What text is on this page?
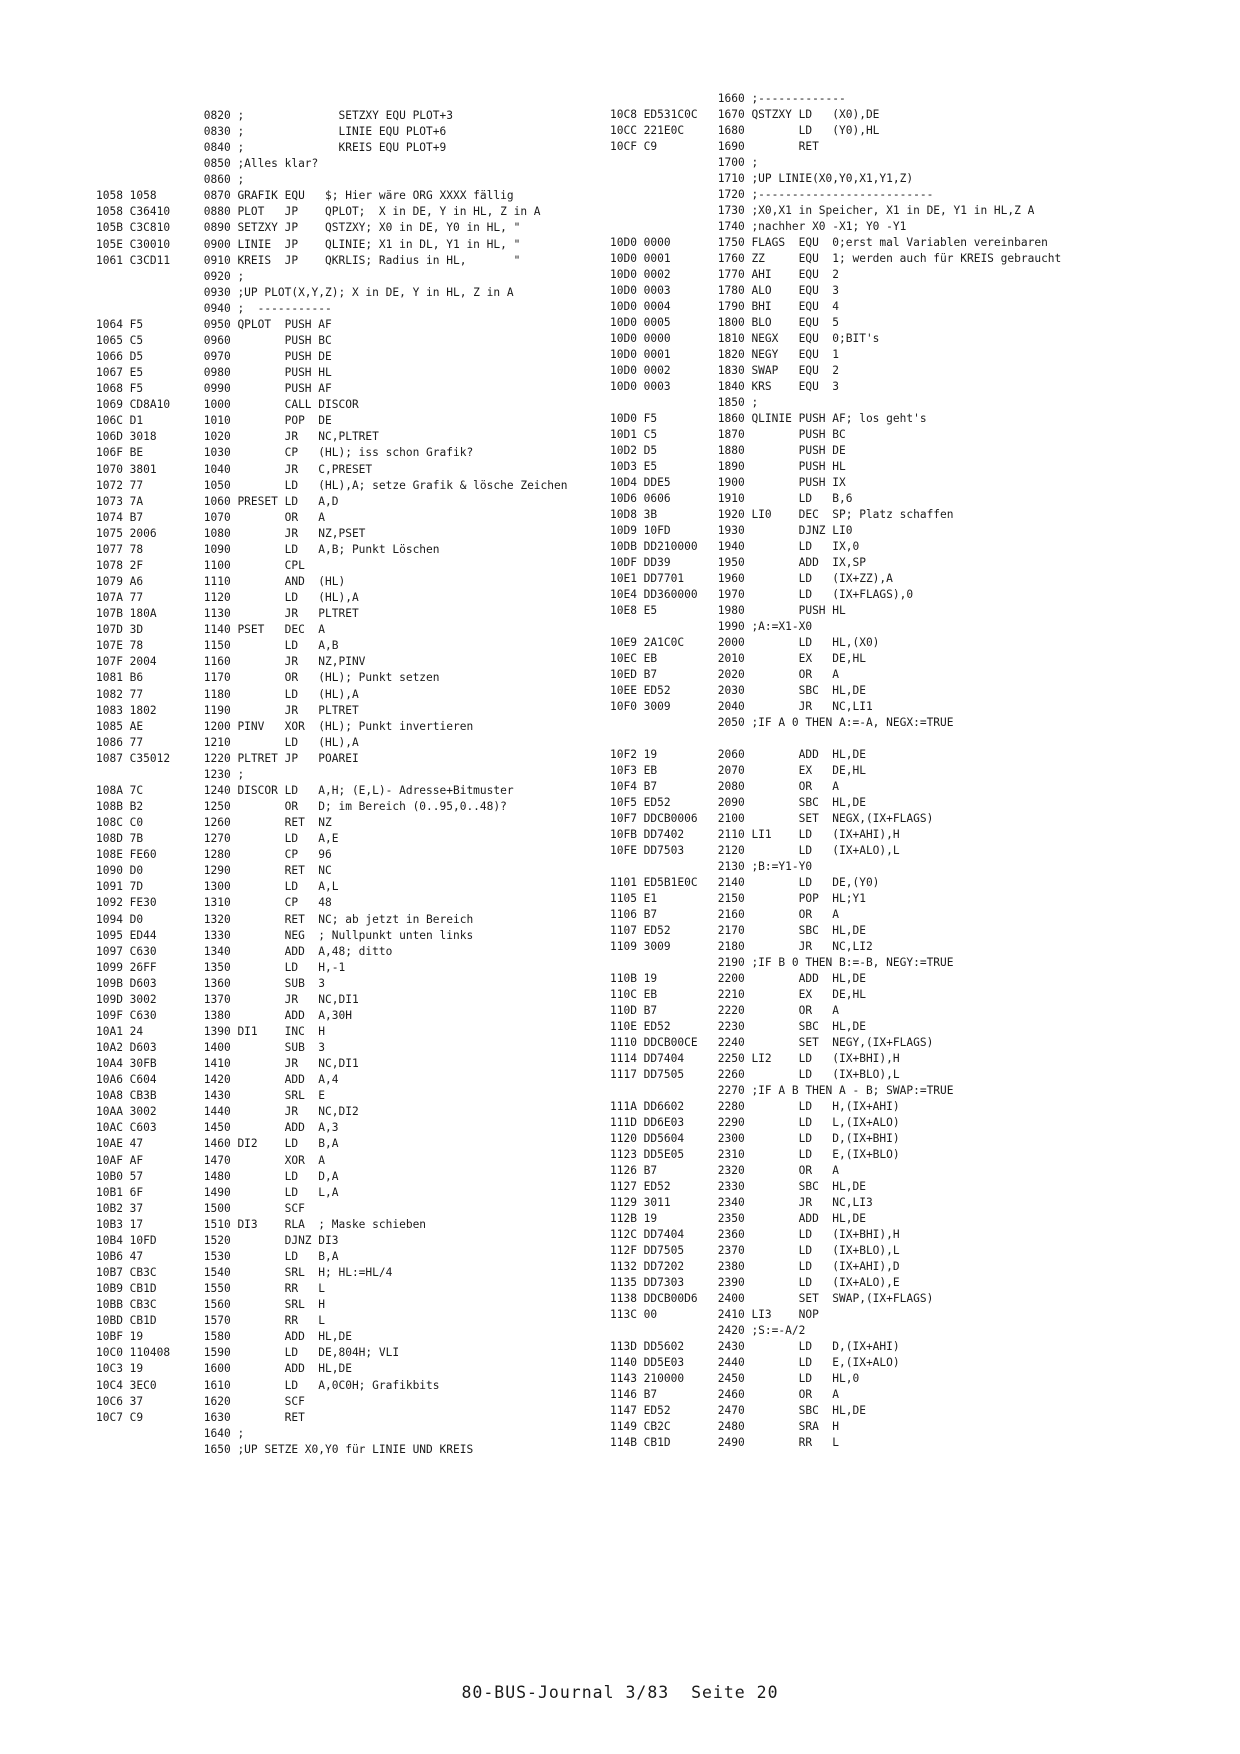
0820 ;              SETZXY EQU PLOT+3
0830 ;              LINIE EQU PLOT+6
0840 ;              KREIS EQU PLOT+9
0850 ;Alles klar?
0860 ;
1058 1058       0870 GRAFIK EQU   $; Hier wäre ORG XXXX fällig
1058 C36410     0880 PLOT   JP    QPLOT;  X in DE, Y in HL, Z in A
105B C3C810     0890 SETZXY JP    QSTZXY; X0 in DE, Y0 in HL, "
105E C30010     0900 LINIE  JP    QLINIE; X1 in DL, Y1 in HL, "
1061 C3CD11     0910 KREIS  JP    QKRLIS; Radius in HL,       "
0920 ;
0930 ;UP PLOT(X,Y,Z); X in DE, Y in HL, Z in A
0940 ;  -----------
1064 F5         0950 QPLOT  PUSH AF
1065 C5         0960        PUSH BC
1066 D5         0970        PUSH DE
1067 E5         0980        PUSH HL
1068 F5         0990        PUSH AF
1069 CD8A10     1000        CALL DISCOR
106C D1         1010        POP  DE
106D 3018       1020        JR   NC,PLTRET
106F BE         1030        CP   (HL); iss schon Grafik?
1070 3801       1040        JR   C,PRESET
1072 77         1050        LD   (HL),A; setze Grafik & lösche Zeichen
1073 7A         1060 PRESET LD   A,D
1074 B7         1070        OR   A
1075 2006       1080        JR   NZ,PSET
1077 78         1090        LD   A,B; Punkt Löschen
1078 2F         1100        CPL
1079 A6         1110        AND  (HL)
107A 77         1120        LD   (HL),A
107B 180A       1130        JR   PLTRET
107D 3D         1140 PSET   DEC  A
107E 78         1150        LD   A,B
107F 2004       1160        JR   NZ,PINV
1081 B6         1170        OR   (HL); Punkt setzen
1082 77         1180        LD   (HL),A
1083 1802       1190        JR   PLTRET
1085 AE         1200 PINV   XOR  (HL); Punkt invertieren
1086 77         1210        LD   (HL),A
1087 C35012     1220 PLTRET JP   POAREI
1230 ;
108A 7C         1240 DISCOR LD   A,H; (E,L)- Adresse+Bitmuster
108B B2         1250        OR   D; im Bereich (0..95,0..48)?
108C C0         1260        RET  NZ
108D 7B         1270        LD   A,E
108E FE60       1280        CP   96
1090 D0         1290        RET  NC
1091 7D         1300        LD   A,L
1092 FE30       1310        CP   48
1094 D0         1320        RET  NC; ab jetzt in Bereich
1095 ED44       1330        NEG  ; Nullpunkt unten links
1097 C630       1340        ADD  A,48; ditto
1099 26FF       1350        LD   H,-1
109B D603       1360        SUB  3
109D 3002       1370        JR   NC,DI1
109F C630       1380        ADD  A,30H
10A1 24         1390 DI1    INC  H
10A2 D603       1400        SUB  3
10A4 30FB       1410        JR   NC,DI1
10A6 C604       1420        ADD  A,4
10A8 CB3B       1430        SRL  E
10AA 3002       1440        JR   NC,DI2
10AC C603       1450        ADD  A,3
10AE 47         1460 DI2    LD   B,A
10AF AF         1470        XOR  A
10B0 57         1480        LD   D,A
10B1 6F         1490        LD   L,A
10B2 37         1500        SCF
10B3 17         1510 DI3    RLA  ; Maske schieben
10B4 10FD       1520        DJNZ DI3
10B6 47         1530        LD   B,A
10B7 CB3C       1540        SRL  H; HL:=HL/4
10B9 CB1D       1550        RR   L
10BB CB3C       1560        SRL  H
10BD CB1D       1570        RR   L
10BF 19         1580        ADD  HL,DE
10C0 110408     1590        LD   DE,804H; VLI
10C3 19         1600        ADD  HL,DE
10C4 3EC0       1610        LD   A,0C0H; Grafikbits
10C6 37         1620        SCF
10C7 C9         1630        RET
1640 ;
1650 ;UP SETZE X0,Y0 für LINIE UND KREIS
1660 ;-------------
10C8 ED531C0C   1670 QSTZXY LD   (X0),DE
10CC 221E0C     1680        LD   (Y0),HL
10CF C9         1690        RET
1700 ;
1710 ;UP LINIE(X0,Y0,X1,Y1,Z)
1720 ;--------------------------
1730 ;X0,X1 in Speicher, X1 in DE, Y1 in HL,Z A
1740 ;nachher X0 -X1; Y0 -Y1
10D0 0000       1750 FLAGS  EQU  0;erst mal Variablen vereinbaren
10D0 0001       1760 ZZ     EQU  1; werden auch für KREIS gebraucht
10D0 0002       1770 AHI    EQU  2
10D0 0003       1780 ALO    EQU  3
10D0 0004       1790 BHI    EQU  4
10D0 0005       1800 BLO    EQU  5
10D0 0000       1810 NEGX   EQU  0;BIT's
10D0 0001       1820 NEGY   EQU  1
10D0 0002       1830 SWAP   EQU  2
10D0 0003       1840 KRS    EQU  3
1850 ;
10D0 F5         1860 QLINIE PUSH AF; los geht's
10D1 C5         1870        PUSH BC
10D2 D5         1880        PUSH DE
10D3 E5         1890        PUSH HL
10D4 DDE5       1900        PUSH IX
10D6 0606       1910        LD   B,6
10D8 3B         1920 LI0    DEC  SP; Platz schaffen
10D9 10FD       1930        DJNZ LI0
10DB DD210000   1940        LD   IX,0
10DF DD39       1950        ADD  IX,SP
10E1 DD7701     1960        LD   (IX+ZZ),A
10E4 DD360000   1970        LD   (IX+FLAGS),0
10E8 E5         1980        PUSH HL
1990 ;A:=X1-X0
10E9 2A1C0C     2000        LD   HL,(X0)
10EC EB         2010        EX   DE,HL
10ED B7         2020        OR   A
10EE ED52       2030        SBC  HL,DE
10F0 3009       2040        JR   NC,LI1
2050 ;IF A 0 THEN A:=-A, NEGX:=TRUE
10F2 19         2060        ADD  HL,DE
10F3 EB         2070        EX   DE,HL
10F4 B7         2080        OR   A
10F5 ED52       2090        SBC  HL,DE
10F7 DDCB0006   2100        SET  NEGX,(IX+FLAGS)
10FB DD7402     2110 LI1    LD   (IX+AHI),H
10FE DD7503     2120        LD   (IX+ALO),L
2130 ;B:=Y1-Y0
1101 ED5B1E0C   2140        LD   DE,(Y0)
1105 E1         2150        POP  HL;Y1
1106 B7         2160        OR   A
1107 ED52       2170        SBC  HL,DE
1109 3009       2180        JR   NC,LI2
2190 ;IF B 0 THEN B:=-B, NEGY:=TRUE
110B 19         2200        ADD  HL,DE
110C EB         2210        EX   DE,HL
110D B7         2220        OR   A
110E ED52       2230        SBC  HL,DE
1110 DDCB00CE   2240        SET  NEGY,(IX+FLAGS)
1114 DD7404     2250 LI2    LD   (IX+BHI),H
1117 DD7505     2260        LD   (IX+BLO),L
2270 ;IF A B THEN A - B; SWAP:=TRUE
111A DD6602     2280        LD   H,(IX+AHI)
111D DD6E03     2290        LD   L,(IX+ALO)
1120 DD5604     2300        LD   D,(IX+BHI)
1123 DD5E05     2310        LD   E,(IX+BLO)
1126 B7         2320        OR   A
1127 ED52       2330        SBC  HL,DE
1129 3011       2340        JR   NC,LI3
112B 19         2350        ADD  HL,DE
112C DD7404     2360        LD   (IX+BHI),H
112F DD7505     2370        LD   (IX+BLO),L
1132 DD7202     2380        LD   (IX+AHI),D
1135 DD7303     2390        LD   (IX+ALO),E
1138 DDCB00D6   2400        SET  SWAP,(IX+FLAGS)
113C 00         2410 LI3    NOP
2420 ;S:=-A/2
113D DD5602     2430        LD   D,(IX+AHI)
1140 DD5E03     2440        LD   E,(IX+ALO)
1143 210000     2450        LD   HL,0
1146 B7         2460        OR   A
1147 ED52       2470        SBC  HL,DE
1149 CB2C       2480        SRA  H
114B CB1D       2490        RR   L
80-BUS-Journal 3/83  Seite 20
